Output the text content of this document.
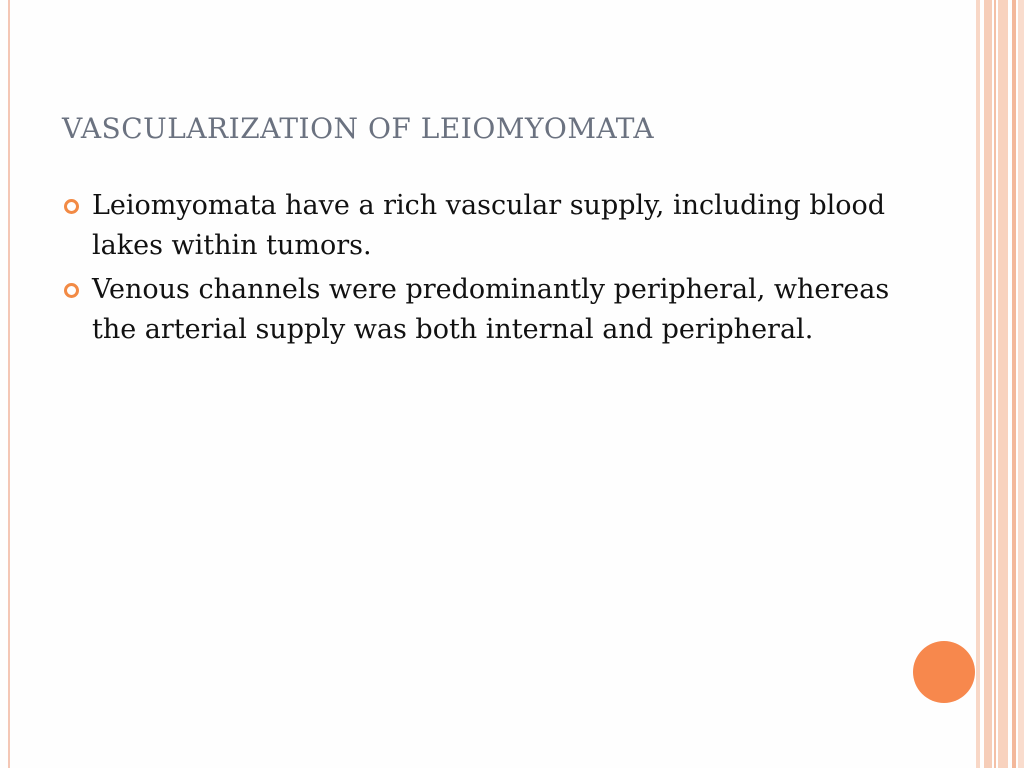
VASCULARIZATION OF LEIOMYOMATA
Leiomyomata have a rich vascular supply, including blood lakes within tumors.
Venous channels were predominantly peripheral, whereas the arterial supply was both internal and peripheral.
